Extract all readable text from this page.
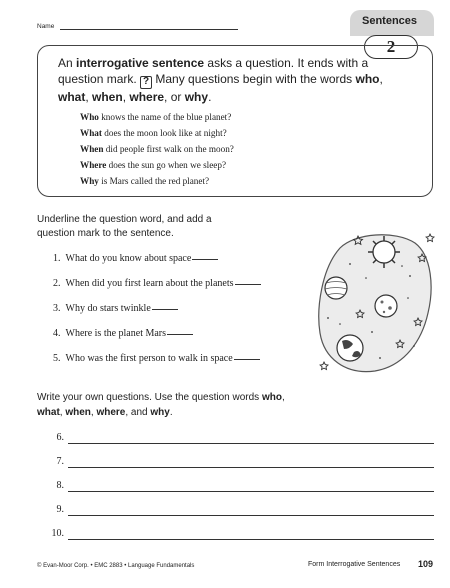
Name	Sentences
2

An interrogative sentence asks a question. It ends with a question mark. ? Many questions begin with the words who, what, when, where, or why.

Who knows the name of the blue planet?
What does the moon look like at night?
When did people first walk on the moon?
Where does the sun go when we sleep?
Why is Mars called the red planet?

Underline the question word, and add a question mark to the sentence.

1. What do you know about space
2. When did you first learn about the planets
3. Why do stars twinkle
4. Where is the planet Mars
5. Who was the first person to walk in space

Write your own questions. Use the question words who, what, when, where, and why.

6.
7.
8.
9.
10.
© Evan-Moor Corp. • EMC 2883 • Language Fundamentals	Form Interrogative Sentences 109
